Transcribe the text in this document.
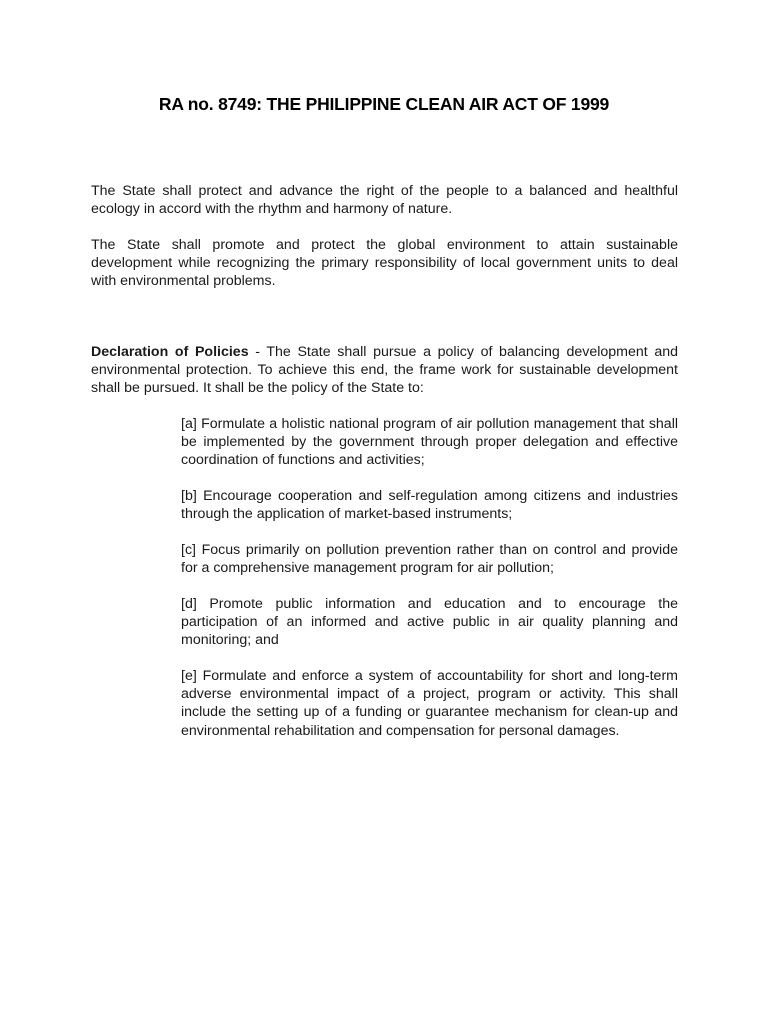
RA no. 8749: THE PHILIPPINE CLEAN AIR ACT OF 1999

The State shall protect and advance the right of the people to a balanced and healthful ecology in accord with the rhythm and harmony of nature.

The State shall promote and protect the global environment to attain sustainable development while recognizing the primary responsibility of local government units to deal with environmental problems.

Declaration of Policies - The State shall pursue a policy of balancing development and environmental protection. To achieve this end, the frame work for sustainable development shall be pursued. It shall be the policy of the State to:

[a] Formulate a holistic national program of air pollution management that shall be implemented by the government through proper delegation and effective coordination of functions and activities;

[b] Encourage cooperation and self-regulation among citizens and industries through the application of market-based instruments;

[c] Focus primarily on pollution prevention rather than on control and provide for a comprehensive management program for air pollution;

[d] Promote public information and education and to encourage the participation of an informed and active public in air quality planning and monitoring; and

[e] Formulate and enforce a system of accountability for short and long-term adverse environmental impact of a project, program or activity. This shall include the setting up of a funding or guarantee mechanism for clean-up and environmental rehabilitation and compensation for personal damages.
